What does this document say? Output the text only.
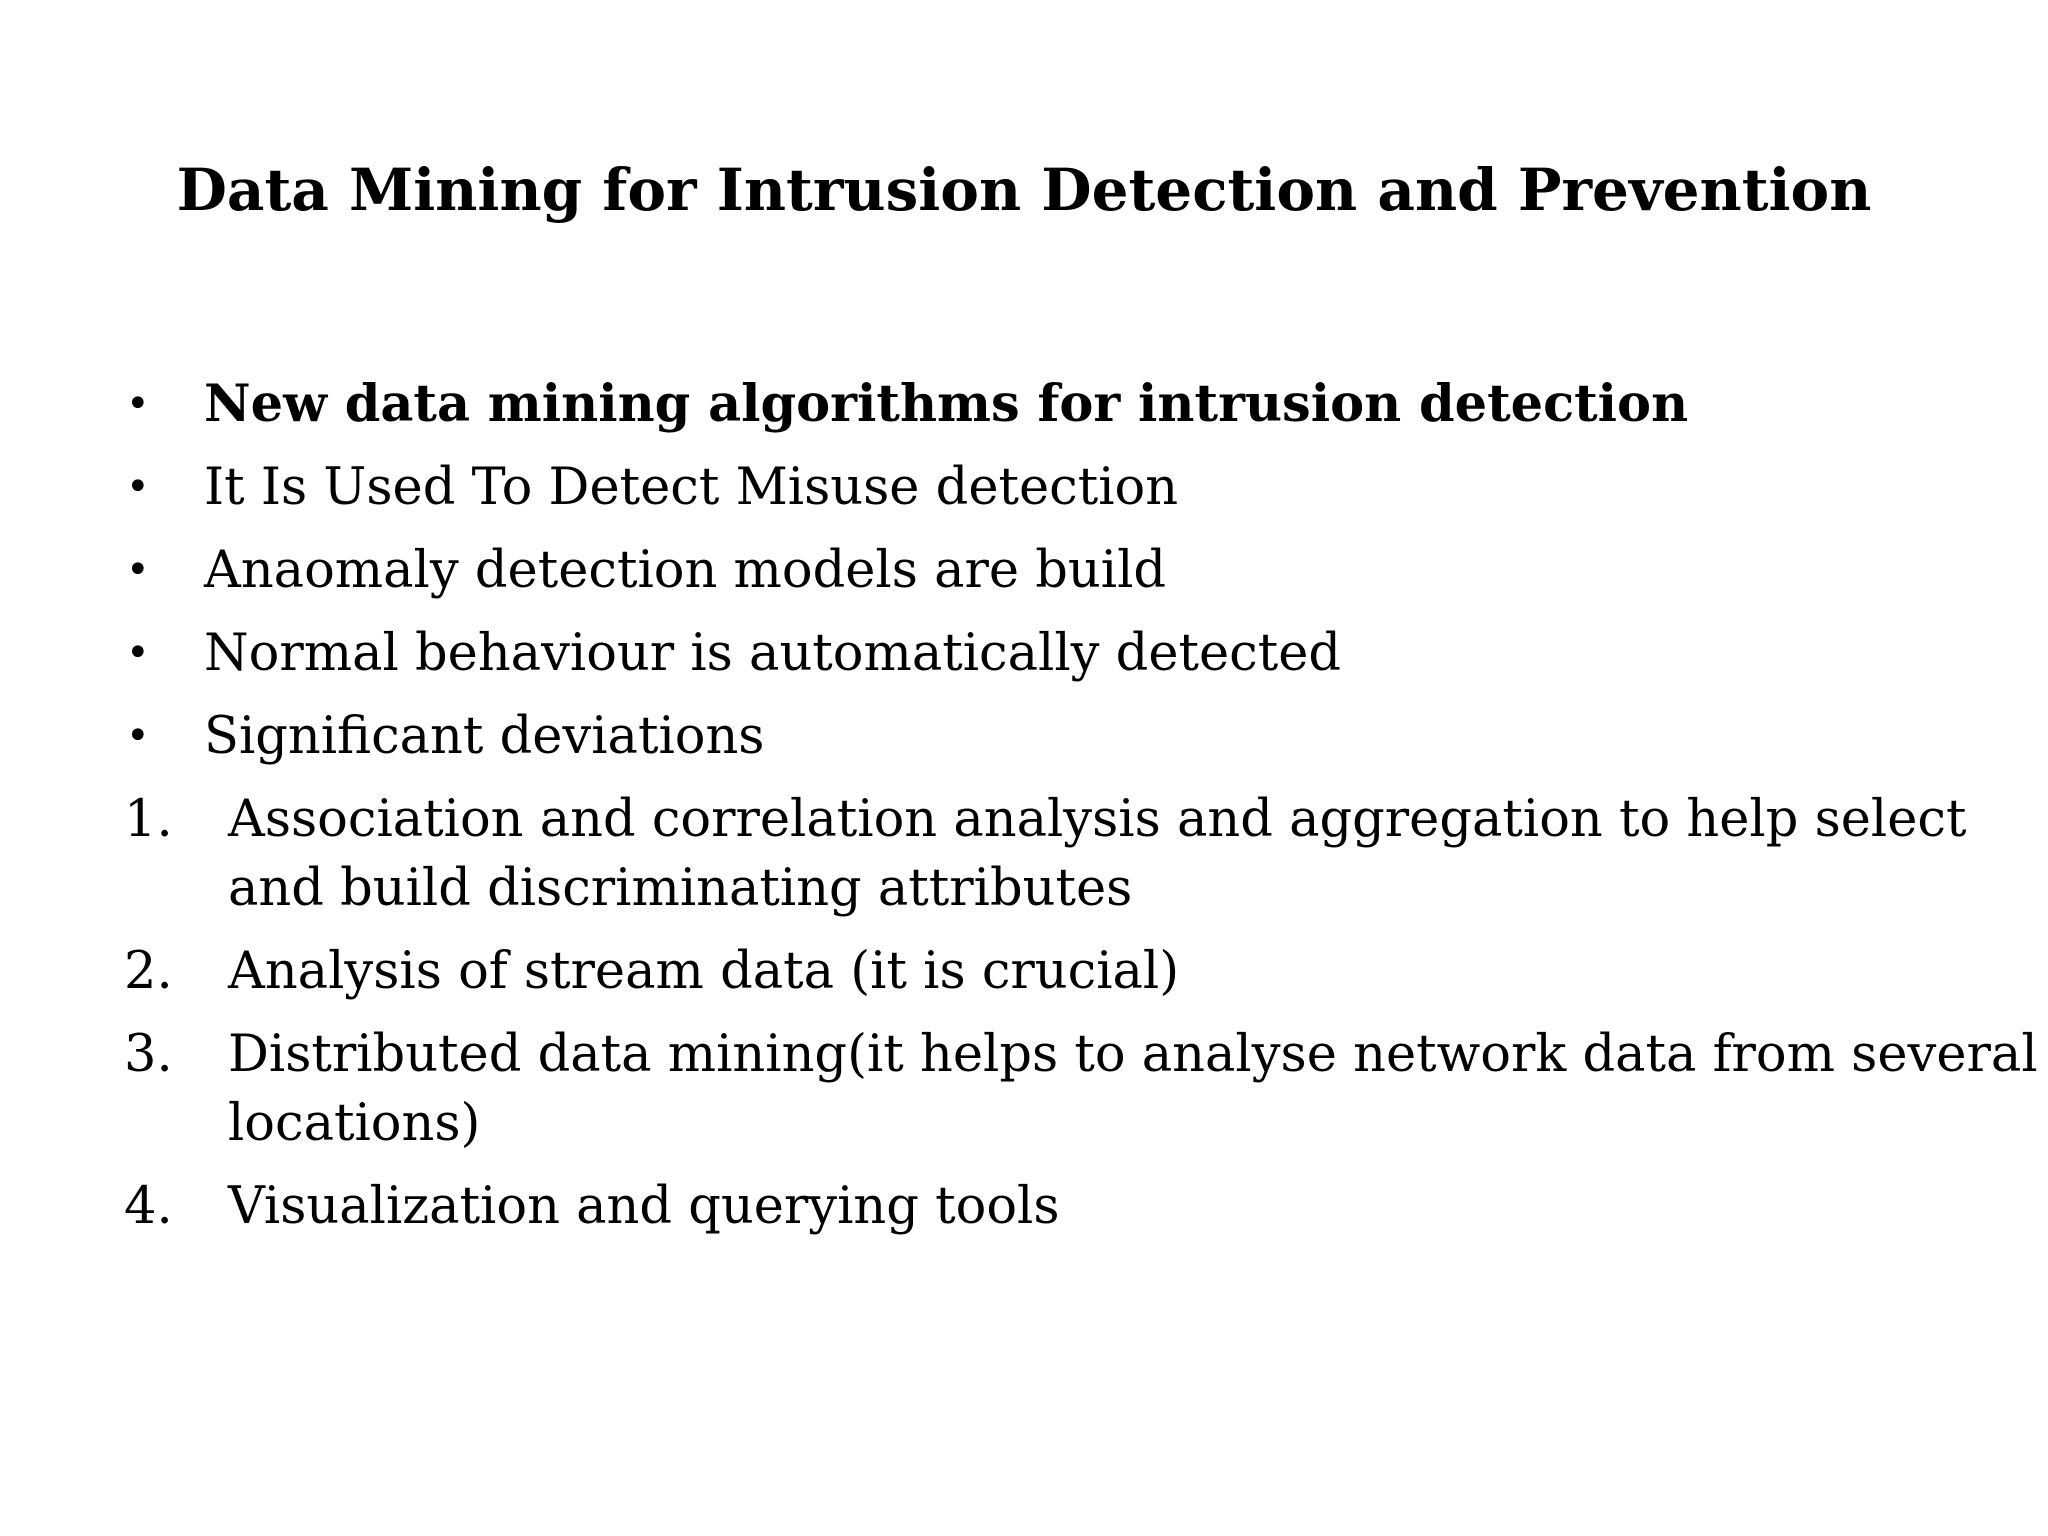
Data Mining for Intrusion Detection and Prevention
• New data mining algorithms for intrusion detection
• It Is Used To Detect Misuse detection
• Anaomaly detection models are build
• Normal behaviour is automatically detected
• Significant deviations
1. Association and correlation analysis and aggregation to help select
and build discriminating attributes
2. Analysis of stream data (it is crucial)
3. Distributed data mining(it helps to analyse network data from several
locations)
4. Visualization and querying tools
